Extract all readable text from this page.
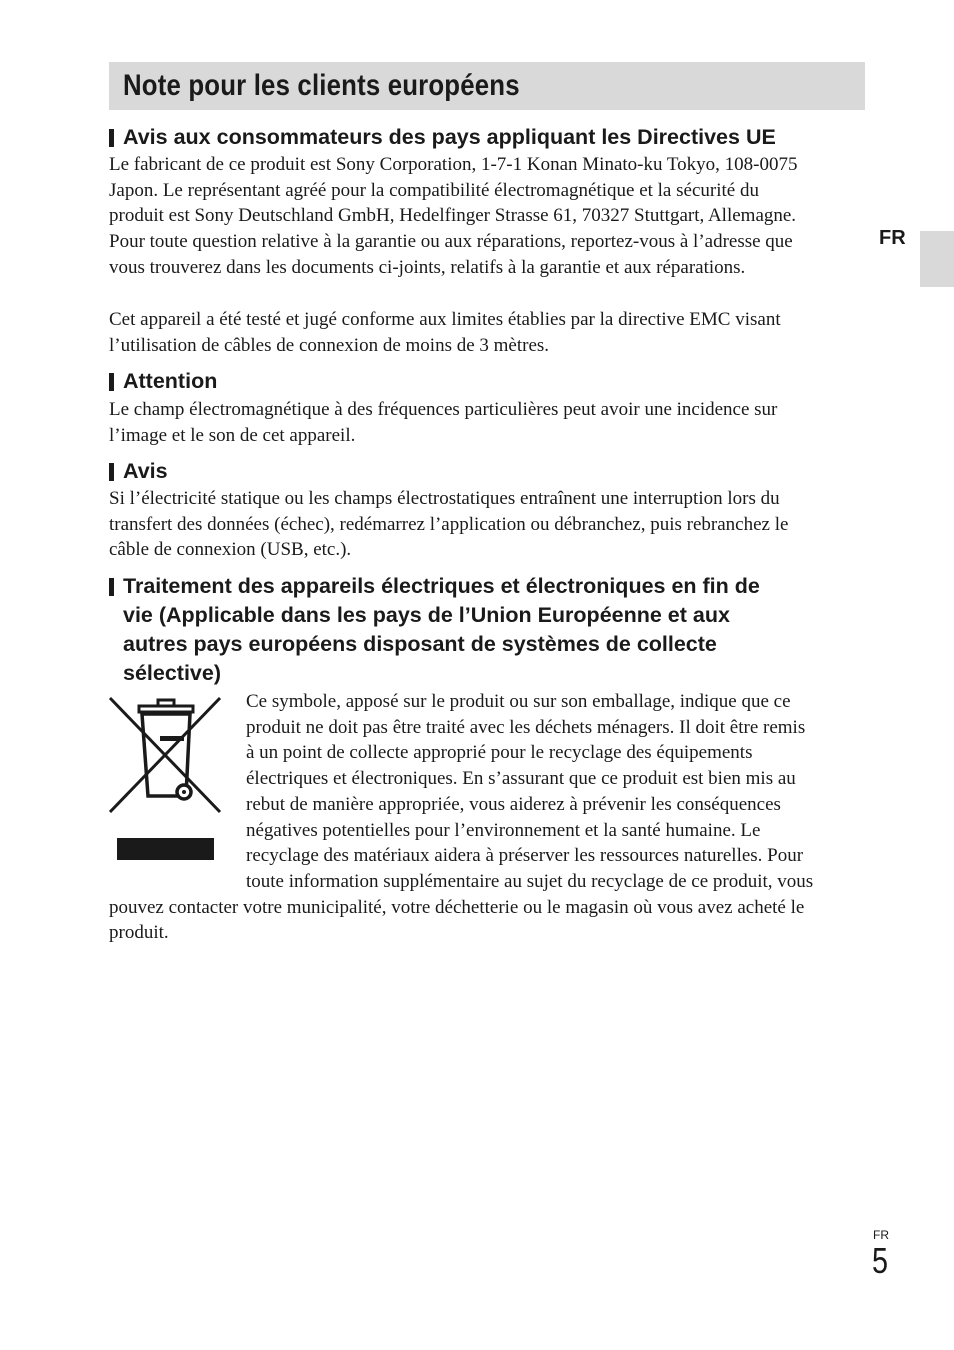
Note pour les clients européens
FR
Avis aux consommateurs des pays appliquant les Directives UE
Le fabricant de ce produit est Sony Corporation, 1-7-1 Konan Minato-ku Tokyo, 108-0075
Japon. Le représentant agréé pour la compatibilité électromagnétique et la sécurité du
produit est Sony Deutschland GmbH, Hedelfinger Strasse 61, 70327 Stuttgart, Allemagne.
Pour toute question relative à la garantie ou aux réparations, reportez-vous à l’adresse que
vous trouverez dans les documents ci-joints, relatifs à la garantie et aux réparations.
Cet appareil a été testé et jugé conforme aux limites établies par la directive EMC visant
l’utilisation de câbles de connexion de moins de 3 mètres.
Attention
Le champ électromagnétique à des fréquences particulières peut avoir une incidence sur
l’image et le son de cet appareil.
Avis
Si l’électricité statique ou les champs électrostatiques entraînent une interruption lors du
transfert des données (échec), redémarrez l’application ou débranchez, puis rebranchez le
câble de connexion (USB, etc.).
Traitement des appareils électriques et électroniques en fin de
vie (Applicable dans les pays de l’Union Européenne et aux
autres pays européens disposant de systèmes de collecte
sélective)
Ce symbole, apposé sur le produit ou sur son emballage, indique que ce
produit ne doit pas être traité avec les déchets ménagers. Il doit être remis
à un point de collecte approprié pour le recyclage des équipements
électriques et électroniques. En s’assurant que ce produit est bien mis au
rebut de manière appropriée, vous aiderez à prévenir les conséquences
négatives potentielles pour l’environnement et la santé humaine. Le
recyclage des matériaux aidera à préserver les ressources naturelles. Pour
toute information supplémentaire au sujet du recyclage de ce produit, vous
pouvez contacter votre municipalité, votre déchetterie ou le magasin où vous avez acheté le
produit.
FR
5
